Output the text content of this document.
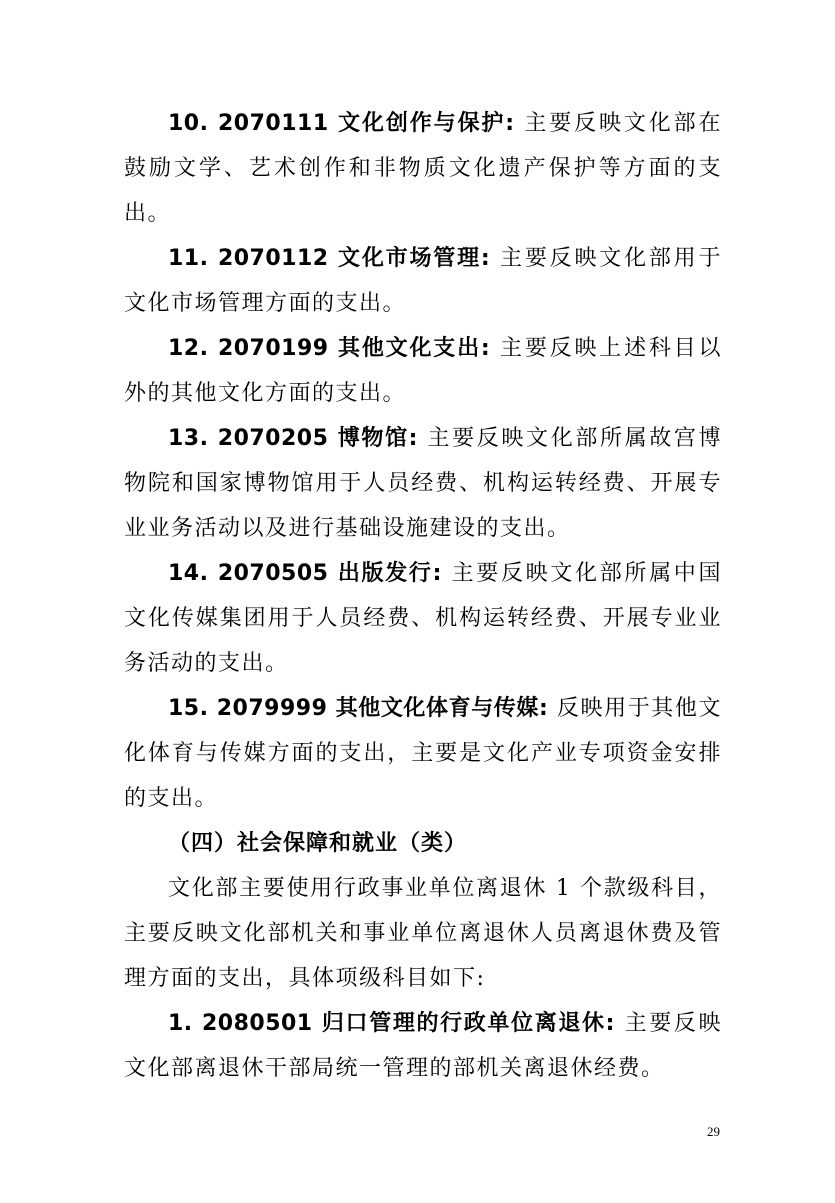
10. 2070111 文化创作与保护: 主要反映文化部在鼓励文学、艺术创作和非物质文化遗产保护等方面的支出。

11. 2070112 文化市场管理: 主要反映文化部用于文化市场管理方面的支出。

12. 2070199 其他文化支出: 主要反映上述科目以外的其他文化方面的支出。

13. 2070205 博物馆: 主要反映文化部所属故宫博物院和国家博物馆用于人员经费、机构运转经费、开展专业业务活动以及进行基础设施建设的支出。

14. 2070505 出版发行: 主要反映文化部所属中国文化传媒集团用于人员经费、机构运转经费、开展专业业务活动的支出。

15. 2079999 其他文化体育与传媒: 反映用于其他文化体育与传媒方面的支出，主要是文化产业专项资金安排的支出。

（四）社会保障和就业（类）

文化部主要使用行政事业单位离退休 1 个款级科目，主要反映文化部机关和事业单位离退休人员离退休费及管理方面的支出，具体项级科目如下:

1. 2080501 归口管理的行政单位离退休: 主要反映文化部离退休干部局统一管理的部机关离退休经费。

29
